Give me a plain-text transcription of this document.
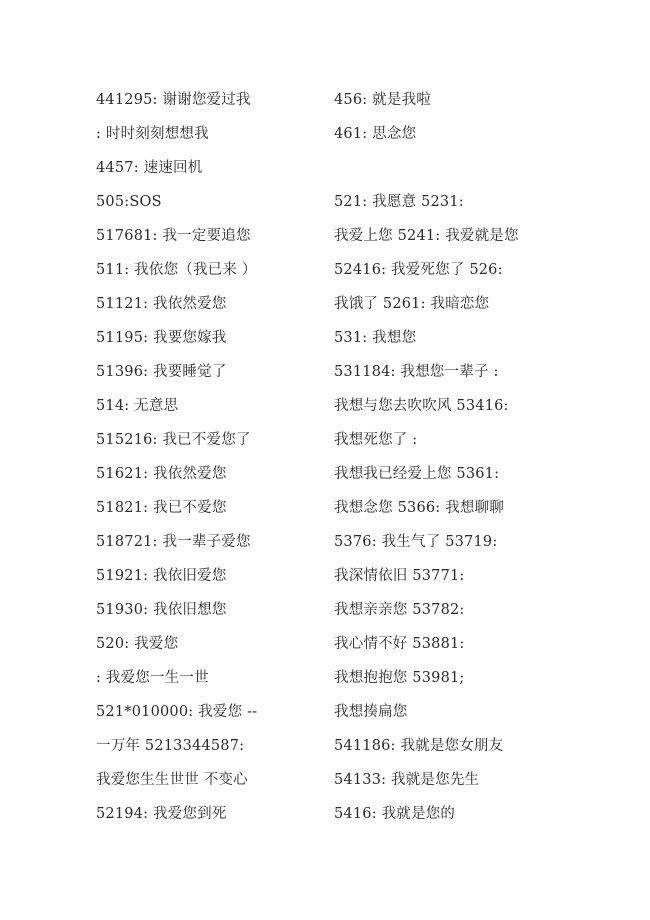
441295: 谢谢您爱过我
: 时时刻刻想想我
4457: 速速回机
505:SOS
517681: 我一定要追您
511: 我依您（我已来 ）
51121: 我依然爱您
51195: 我要您嫁我
51396: 我要睡觉了
514: 无意思
515216: 我已不爱您了
51621: 我依然爱您
51821: 我已不爱您
518721: 我一辈子爱您
51921: 我依旧爱您
51930: 我依旧想您
520: 我爱您
: 我爱您一生一世
521*010000: 我爱您 --
一万年 5213344587:
我爱您生生世世 不变心
52194: 我爱您到死
456: 就是我啦
461: 思念您
521: 我愿意 5231:
我爱上您 5241: 我爱就是您
52416: 我爱死您了 526:
我饿了 5261: 我暗恋您
531: 我想您
531184: 我想您一辈子 :
我想与您去吹吹风 53416:
我想死您了 :
我想我已经爱上您 5361:
我想念您 5366: 我想聊聊
5376: 我生气了 53719:
我深情依旧 53771:
我想亲亲您 53782:
我心情不好 53881:
我想抱抱您 53981;
我想揍扁您
541186: 我就是您女朋友
54133: 我就是您先生
5416: 我就是您的
